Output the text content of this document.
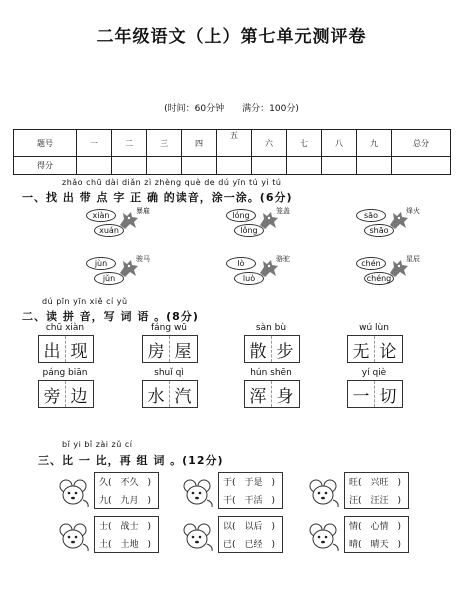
二年级语文（上）第七单元测评卷
(时间：60分钟　　满分：100分)
题号	一	二	三	四	五	六	七	八	九	总分
得分										
zhǎo chū dài diǎn zì zhèng què de dú yīn tú yì tú
一、找 出 带 点 字 正 确 的读音，涂一涂。(6分)
xiàn
xuán
暴雇	lóng
lǒng
笼盖	sāo
shāo
烽火
jùn
jǔn
骏马	lò
luò
骆驼	chén
chéng
星辰
dú pīn yīn xiě cí yǔ
二、读 拼 音，写 词 语 。(8分)
chū xiàn
出 现
fáng wū
房 屋
sàn bù
散 步
wú lùn
无 论
páng biān
旁 边
shuǐ qì
水 汽
hún shēn
浑 身
yí qiè
一 切
bǐ yi bǐ zài zǔ cí
三、比 一 比，再 组 词 。(12分)
久(　不久　)
九(　九月　)
于(　于是　)
干(　干活　)
旺(　兴旺　)
汪(　汪汪　)
士(　战士　)
土(　土地　)
以(　以后　)
已(　已经　)
情(　心情　)
晴(　晴天　)
